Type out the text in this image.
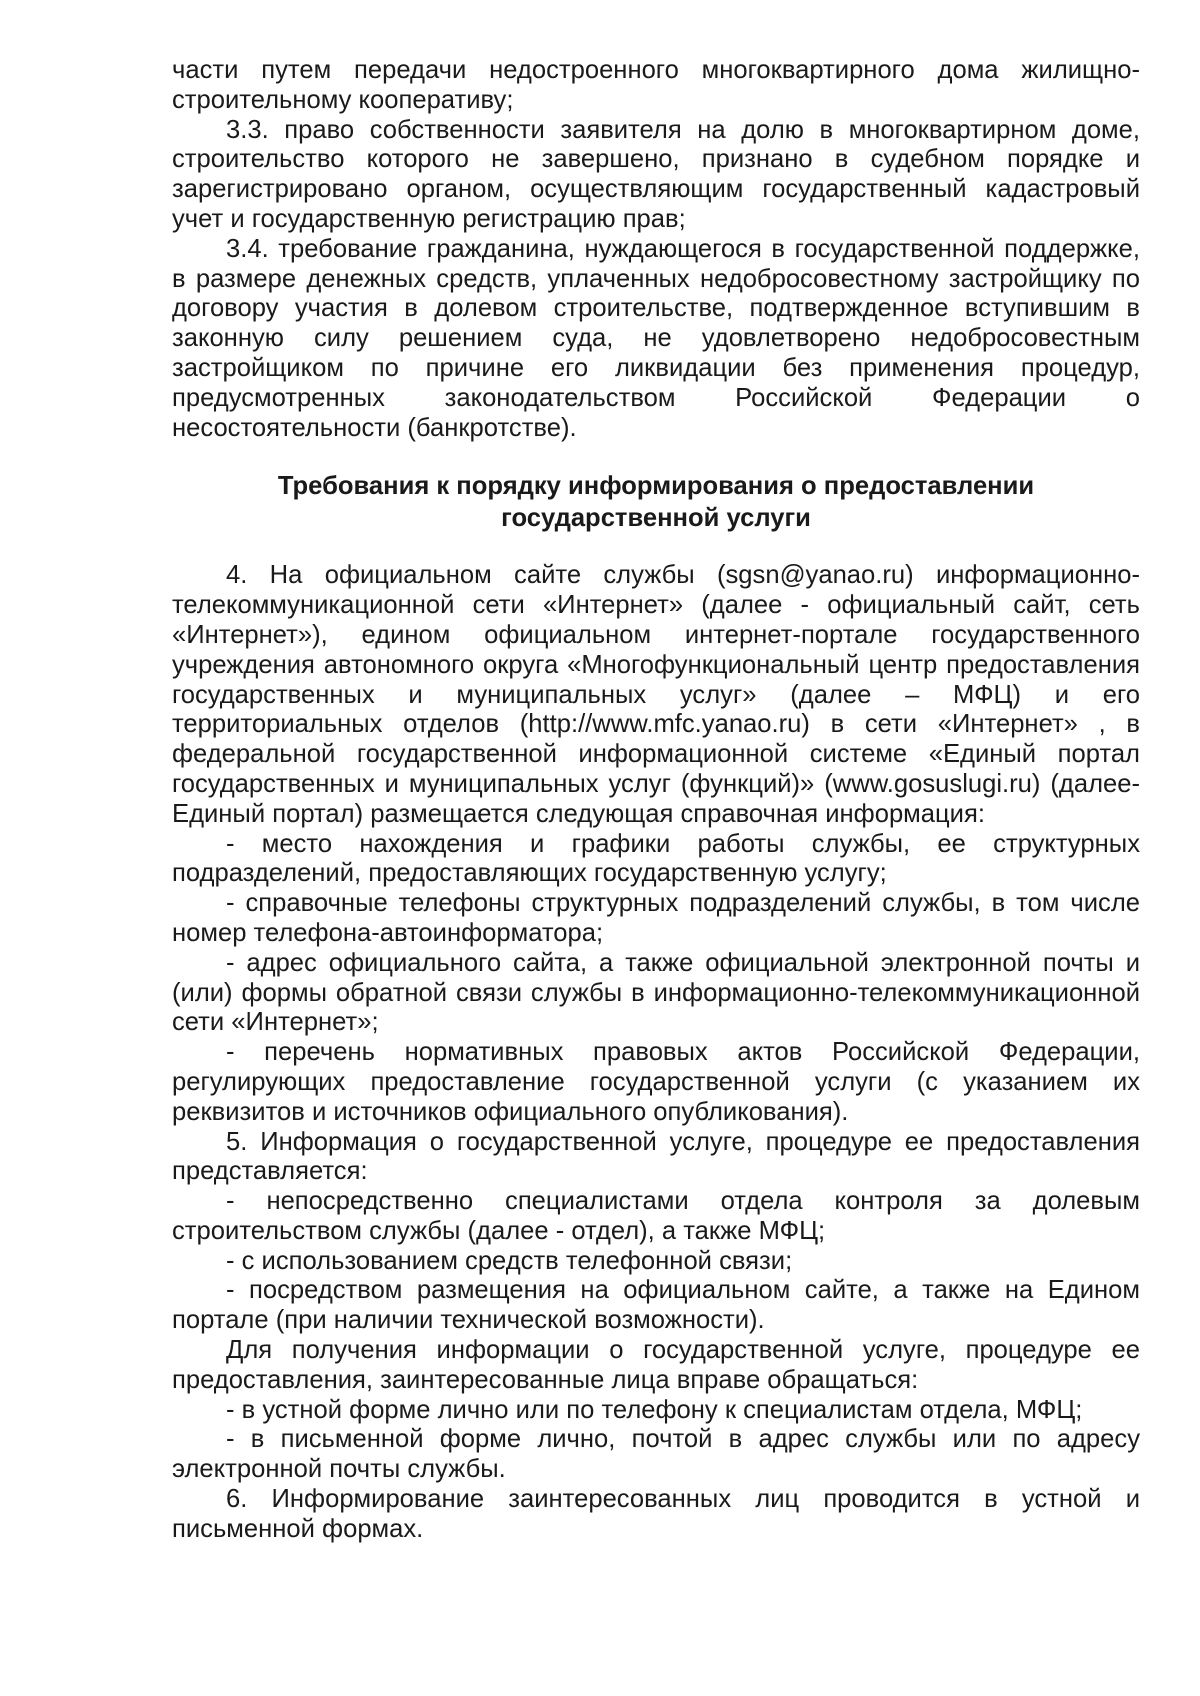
части путем передачи недостроенного многоквартирного дома жилищно-строительному кооперативу;

3.3. право собственности заявителя на долю в многоквартирном доме, строительство которого не завершено, признано в судебном порядке и зарегистрировано органом, осуществляющим государственный кадастровый учет и государственную регистрацию прав;

3.4. требование гражданина, нуждающегося в государственной поддержке, в размере денежных средств, уплаченных недобросовестному застройщику по договору участия в долевом строительстве, подтвержденное вступившим в законную силу решением суда, не удовлетворено недобросовестным застройщиком по причине его ликвидации без применения процедур, предусмотренных законодательством Российской Федерации о несостоятельности (банкротстве).

Требования к порядку информирования о предоставлении
государственной услуги

4. На официальном сайте службы (sgsn@yanao.ru) информационно-телекоммуникационной сети «Интернет» (далее - официальный сайт, сеть «Интернет»), едином официальном интернет-портале государственного учреждения автономного округа «Многофункциональный центр предоставления государственных и муниципальных услуг» (далее – МФЦ) и его территориальных отделов (http://www.mfc.yanao.ru) в сети «Интернет» , в федеральной государственной информационной системе «Единый портал государственных и муниципальных услуг (функций)» (www.gosuslugi.ru) (далее- Единый портал) размещается следующая справочная информация:

- место нахождения и графики работы службы, ее структурных подразделений, предоставляющих государственную услугу;

- справочные телефоны структурных подразделений службы, в том числе номер телефона-автоинформатора;

- адрес официального сайта, а также официальной электронной почты и (или) формы обратной связи службы в информационно-телекоммуникационной сети «Интернет»;

- перечень нормативных правовых актов Российской Федерации, регулирующих предоставление государственной услуги (с указанием их реквизитов и источников официального опубликования).

5. Информация о государственной услуге, процедуре ее предоставления представляется:

- непосредственно специалистами отдела контроля за долевым строительством службы (далее - отдел), а также МФЦ;

- с использованием средств телефонной связи;

- посредством размещения на официальном сайте, а также на Едином портале (при наличии технической возможности).

Для получения информации о государственной услуге, процедуре ее предоставления, заинтересованные лица вправе обращаться:

- в устной форме лично или по телефону к специалистам отдела, МФЦ;

- в письменной форме лично, почтой в адрес службы или по адресу электронной почты службы.

6. Информирование заинтересованных лиц проводится в устной и письменной формах.
